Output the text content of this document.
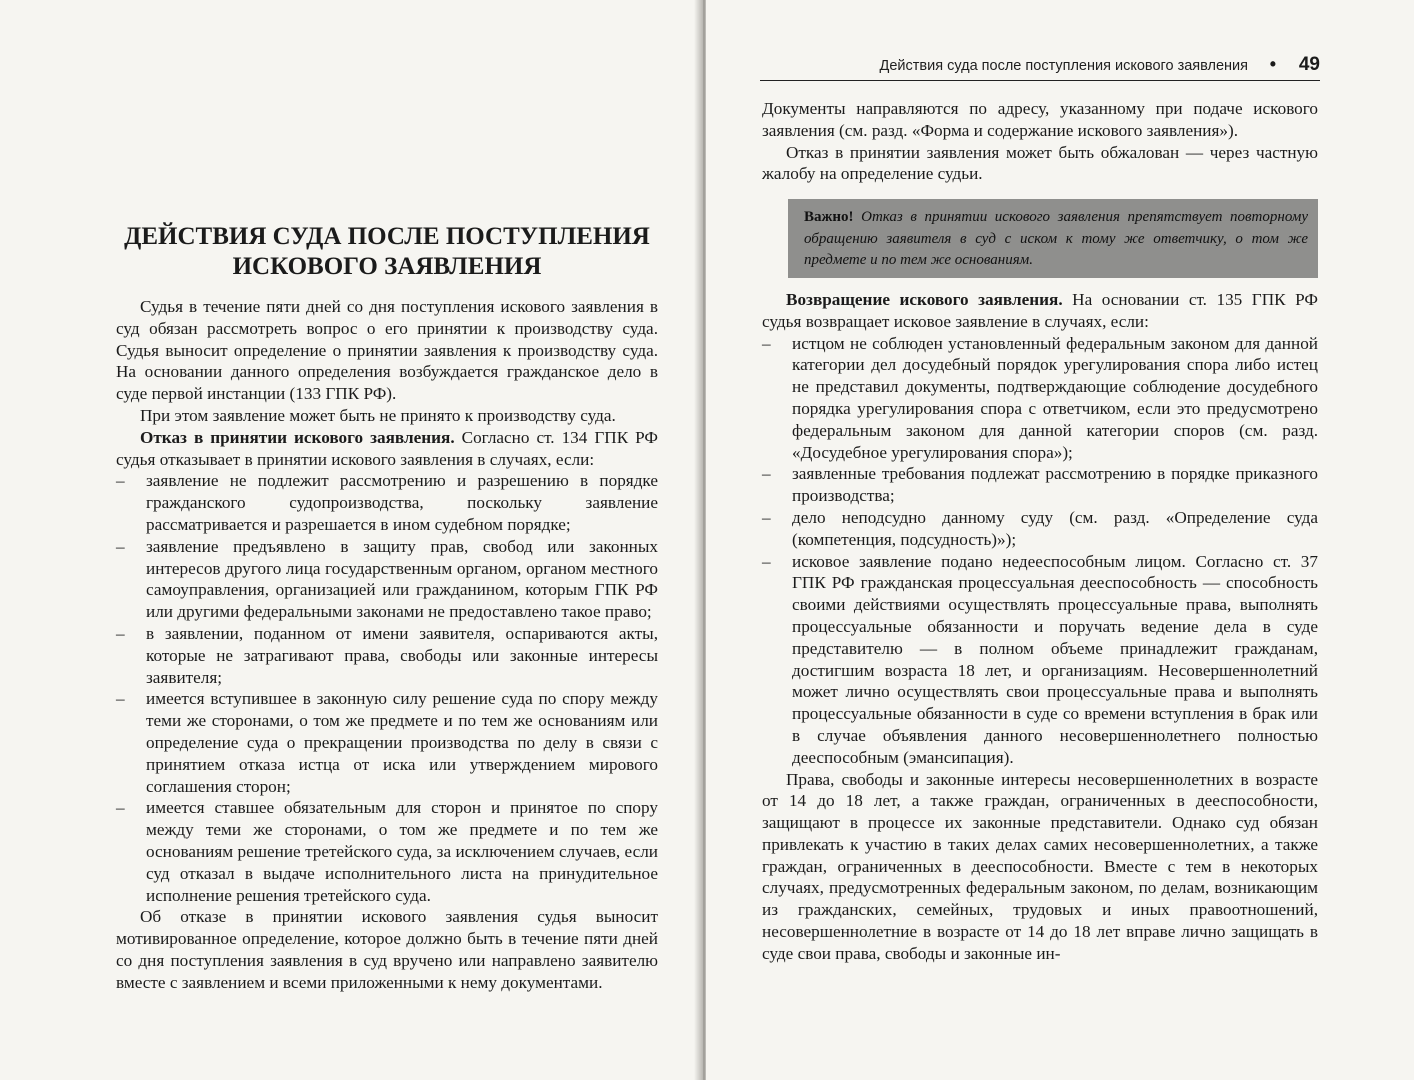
ДЕЙСТВИЯ СУДА ПОСЛЕ ПОСТУПЛЕНИЯ
ИСКОВОГО ЗАЯВЛЕНИЯ

Судья в течение пяти дней со дня поступления искового заявления в суд обязан рассмотреть вопрос о его принятии к производству суда. Судья выносит определение о принятии заявления к производству суда. На основании данного определения возбуждается гражданское дело в суде первой инстанции (133 ГПК РФ).

При этом заявление может быть не принято к производству суда.

Отказ в принятии искового заявления. Согласно ст. 134 ГПК РФ судья отказывает в принятии искового заявления в случаях, если:

– заявление не подлежит рассмотрению и разрешению в порядке гражданского судопроизводства, поскольку заявление рассматривается и разрешается в ином судебном порядке;
– заявление предъявлено в защиту прав, свобод или законных интересов другого лица государственным органом, органом местного самоуправления, организацией или гражданином, которым ГПК РФ или другими федеральными законами не предоставлено такое право;
– в заявлении, поданном от имени заявителя, оспариваются акты, которые не затрагивают права, свободы или законные интересы заявителя;
– имеется вступившее в законную силу решение суда по спору между теми же сторонами, о том же предмете и по тем же основаниям или определение суда о прекращении производства по делу в связи с принятием отказа истца от иска или утверждением мирового соглашения сторон;
– имеется ставшее обязательным для сторон и принятое по спору между теми же сторонами, о том же предмете и по тем же основаниям решение третейского суда, за исключением случаев, если суд отказал в выдаче исполнительного листа на принудительное исполнение решения третейского суда.

Об отказе в принятии искового заявления судья выносит мотивированное определение, которое должно быть в течение пяти дней со дня поступления заявления в суд вручено или направлено заявителю вместе с заявлением и всеми приложенными к нему документами.

Действия суда после поступления искового заявления • 49

Документы направляются по адресу, указанному при подаче искового заявления (см. разд. «Форма и содержание искового заявления»).

Отказ в принятии заявления может быть обжалован — через частную жалобу на определение судьи.

Важно! Отказ в принятии искового заявления препятствует повторному обращению заявителя в суд с иском к тому же ответчику, о том же предмете и по тем же основаниям.

Возвращение искового заявления. На основании ст. 135 ГПК РФ судья возвращает исковое заявление в случаях, если:

– истцом не соблюден установленный федеральным законом для данной категории дел досудебный порядок урегулирования спора либо истец не представил документы, подтверждающие соблюдение досудебного порядка урегулирования спора с ответчиком, если это предусмотрено федеральным законом для данной категории споров (см. разд. «Досудебное урегулирования спора»);
– заявленные требования подлежат рассмотрению в порядке приказного производства;
– дело неподсудно данному суду (см. разд. «Определение суда (компетенция, подсудность)»);
– исковое заявление подано недееспособным лицом. Согласно ст. 37 ГПК РФ гражданская процессуальная дееспособность — способность своими действиями осуществлять процессуальные права, выполнять процессуальные обязанности и поручать ведение дела в суде представителю — в полном объеме принадлежит гражданам, достигшим возраста 18 лет, и организациям. Несовершеннолетний может лично осуществлять свои процессуальные права и выполнять процессуальные обязанности в суде со времени вступления в брак или в случае объявления данного несовершеннолетнего полностью дееспособным (эмансипация).

Права, свободы и законные интересы несовершеннолетних в возрасте от 14 до 18 лет, а также граждан, ограниченных в дееспособности, защищают в процессе их законные представители. Однако суд обязан привлекать к участию в таких делах самих несовершеннолетних, а также граждан, ограниченных в дееспособности. Вместе с тем в некоторых случаях, предусмотренных федеральным законом, по делам, возникающим из гражданских, семейных, трудовых и иных правоотношений, несовершеннолетние в возрасте от 14 до 18 лет вправе лично защищать в суде свои права, свободы и законные ин-
